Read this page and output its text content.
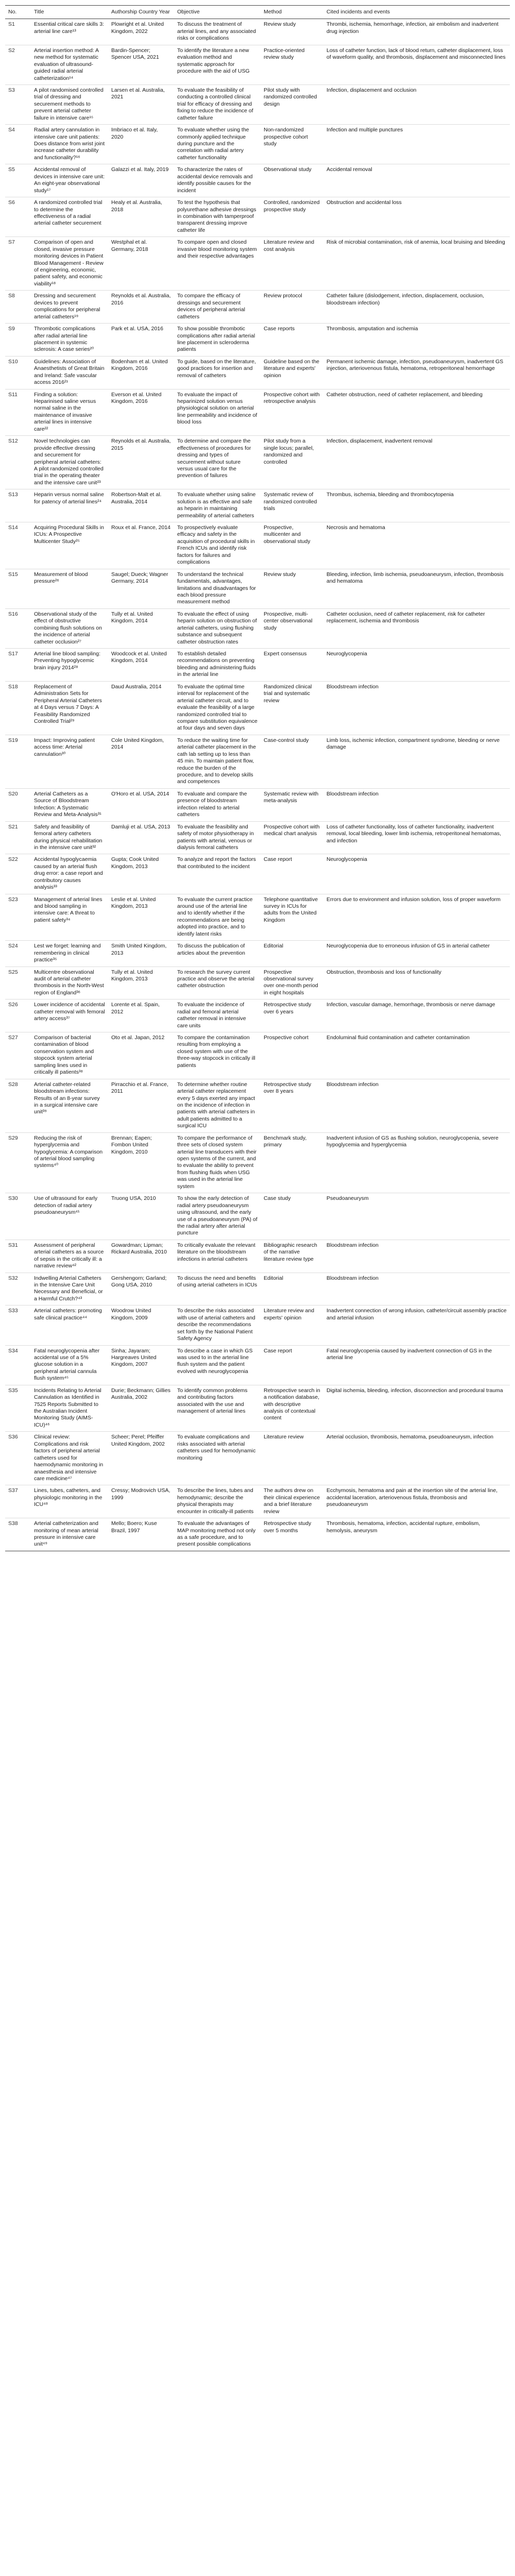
No.	Title	Authorship Country Year	Objective	Method	Cited incidents and events
S1	Essential critical care skills 3: arterial line care¹³	Plowright et al. United Kingdom, 2022	To discuss the treatment of arterial lines, and any associated risks or complications	Review study	Thrombi, ischemia, hemorrhage, infection, air embolism and inadvertent drug injection
S2	Arterial insertion method: A new method for systematic evaluation of ultrasound-guided radial arterial catheterization¹⁴	Bardin-Spencer; Spencer USA, 2021	To identify the literature a new evaluation method and systematic approach for procedure with the aid of USG	Practice-oriented review study	Loss of catheter function, lack of blood return, catheter displacement, loss of waveform quality, and thrombosis, displacement and misconnected lines
S3	A pilot randomised controlled trial of dressing and securement methods to prevent arterial catheter failure in intensive care¹⁵	Larsen et al. Australia, 2021	To evaluate the feasibility of conducting a controlled clinical trial for efficacy of dressing and fixing to reduce the incidence of catheter failure	Pilot study with randomized controlled design	Infection, displacement and occlusion
S4	Radial artery cannulation in intensive care unit patients: Does distance from wrist joint increase catheter durability and functionality?¹⁶	Imbriaco et al. Italy, 2020	To evaluate whether using the commonly applied technique during puncture and the correlation with radial artery catheter functionality	Non-randomized prospective cohort study	Infection and multiple punctures
S5	Accidental removal of devices in intensive care unit: An eight-year observational study¹⁷	Galazzi et al. Italy, 2019	To characterize the rates of accidental device removals and identify possible causes for the incident	Observational study	Accidental removal
S6	A randomized controlled trial to determine the effectiveness of a radial arterial catheter securement	Healy et al. Australia, 2018	To test the hypothesis that polyurethane adhesive dressings in combination with tamperproof transparent dressing improve catheter life	Controlled, randomized prospective study	Obstruction and accidental loss
S7	Comparison of open and closed, invasive pressure monitoring devices in Patient Blood Management - Review of engineering, economic, patient safety, and economic viability¹⁸	Westphal et al. Germany, 2018	To compare open and closed invasive blood monitoring system and their respective advantages	Literature review and cost analysis	Risk of microbial contamination, risk of anemia, local bruising and bleeding
S8	Dressing and securement devices to prevent complications for peripheral arterial catheters¹⁹	Reynolds et al. Australia, 2016	To compare the efficacy of dressings and securement devices of peripheral arterial catheters	Review protocol	Catheter failure (dislodgement, infection, displacement, occlusion, bloodstream infection)
S9	Thrombotic complications after radial arterial line placement in systemic sclerosis: A case series²⁰	Park et al. USA, 2016	To show possible thrombotic complications after radial arterial line placement in scleroderma patients	Case reports	Thrombosis, amputation and ischemia
S10	Guidelines: Association of Anaesthetists of Great Britain and Ireland: Safe vascular access 2016²¹	Bodenham et al. United Kingdom, 2016	To guide, based on the literature, good practices for insertion and removal of catheters	Guideline based on the literature and experts' opinion	Permanent ischemic damage, infection, pseudoaneurysm, inadvertent GS injection, arteriovenous fistula, hematoma, retroperitoneal hemorrhage
S11	Finding a solution: Heparinised saline versus normal saline in the maintenance of invasive arterial lines in intensive care²²	Everson et al. United Kingdom, 2016	To evaluate the impact of heparinized solution versus physiological solution on arterial line permeability and incidence of blood loss	Prospective cohort with retrospective analysis	Catheter obstruction, need of catheter replacement, and bleeding
S12	Novel technologies can provide effective dressing and securement for peripheral arterial catheters: A pilot randomized controlled trial in the operating theater and the intensive care unit²³	Reynolds et al. Australia, 2015	To determine and compare the effectiveness of procedures for dressing and types of securement without suture versus usual care for the prevention of failures	Pilot study from a single locus; parallel, randomized and controlled	Infection, displacement, inadvertent removal
S13	Heparin versus normal saline for patency of arterial lines²⁴	Robertson-Malt et al. Australia, 2014	To evaluate whether using saline solution is as effective and safe as heparin in maintaining permeability of arterial catheters	Systematic review of randomized controlled trials	Thrombus, ischemia, bleeding and thrombocytopenia
S14	Acquiring Procedural Skills in ICUs: A Prospective Multicenter Study²⁵	Roux et al. France, 2014	To prospectively evaluate efficacy and safety in the acquisition of procedural skills in French ICUs and identify risk factors for failures and complications	Prospective, multicenter and observational study	Necrosis and hematoma
S15	Measurement of blood pressure²⁶	Saugel; Dueck; Wagner Germany, 2014	To understand the technical fundamentals, advantages, limitations and disadvantages for each blood pressure measurement method	Review study	Bleeding, infection, limb ischemia, pseudoaneurysm, infection, thrombosis and hematoma
S16	Observational study of the effect of obstructive combining flush solutions on the incidence of arterial catheter occlusion²⁷	Tully et al. United Kingdom, 2014	To evaluate the effect of using heparin solution on obstruction of arterial catheters, using flushing substance and subsequent catheter obstruction rates	Prospective, multi-center observational study	Catheter occlusion, need of catheter replacement, risk for catheter replacement, ischemia and thrombosis
S17	Arterial line blood sampling: Preventing hypoglycemic brain injury 2014²⁸	Woodcock et al. United Kingdom, 2014	To establish detailed recommendations on preventing bleeding and administering fluids in the arterial line	Expert consensus	Neuroglycopenia
S18	Replacement of Administration Sets for Peripheral Arterial Catheters at 4 Days versus 7 Days: A Feasibility Randomized Controlled Trial²⁹	Daud Australia, 2014	To evaluate the optimal time interval for replacement of the arterial catheter circuit, and to evaluate the feasibility of a large randomized controlled trial to compare substitution equivalence at four days and seven days	Randomized clinical trial and systematic review	Bloodstream infection
S19	Impact: Improving patient access time: Arterial cannulation³⁰	Cole United Kingdom, 2014	To reduce the waiting time for arterial catheter placement in the cath lab setting up to less than 45 min. To maintain patient flow, reduce the burden of the procedure, and to develop skills and competences	Case-control study	Limb loss, ischemic infection, compartment syndrome, bleeding or nerve damage
S20	Arterial Catheters as a Source of Bloodstream Infection: A Systematic Review and Meta-Analysis³¹	O'Horo et al. USA, 2014	To evaluate and compare the presence of bloodstream infection related to arterial catheters	Systematic review with meta-analysis	Bloodstream infection
S21	Safety and feasibility of femoral artery catheters during physical rehabilitation in the intensive care unit³²	Damluji et al. USA, 2013	To evaluate the feasibility and safety of motor physiotherapy in patients with arterial, venous or dialysis femoral catheters	Prospective cohort with medical chart analysis	Loss of catheter functionality, loss of catheter functionality, inadvertent removal, local bleeding, lower limb ischemia, retroperitoneal hematomas, and infection
S22	Accidental hypoglycaemia caused by an arterial flush drug error: a case report and contributory causes analysis³³	Gupta; Cook United Kingdom, 2013	To analyze and report the factors that contributed to the incident	Case report	Neuroglycopenia
S23	Management of arterial lines and blood sampling in intensive care: A threat to patient safety³⁴	Leslie et al. United Kingdom, 2013	To evaluate the current practice around use of the arterial line and to identify whether if the recommendations are being adopted into practice, and to identify latent risks	Telephone quantitative survey in ICUs for adults from the United Kingdom	Errors due to environment and infusion solution, loss of proper waveform
S24	Lest we forget: learning and remembering in clinical practice³⁵	Smith United Kingdom, 2013	To discuss the publication of articles about the prevention	Editorial	Neuroglycopenia due to erroneous infusion of GS in arterial catheter
S25	Multicentre observational audit of arterial catheter thrombosis in the North-West region of England³⁶	Tully et al. United Kingdom, 2013	To research the survey current practice and observe the arterial catheter obstruction	Prospective observational survey over one-month period in eight hospitals	Obstruction, thrombosis and loss of functionality
S26	Lower incidence of accidental catheter removal with femoral artery access³⁷	Lorente et al. Spain, 2012	To evaluate the incidence of radial and femoral arterial catheter removal in intensive care units	Retrospective study over 6 years	Infection, vascular damage, hemorrhage, thrombosis or nerve damage
S27	Comparison of bacterial contamination of blood conservation system and stopcock system arterial sampling lines used in critically ill patients³⁸	Oto et al. Japan, 2012	To compare the contamination resulting from employing a closed system with use of the three-way stopcock in critically ill patients	Prospective cohort	Endoluminal fluid contamination and catheter contamination
S28	Arterial catheter-related bloodstream infections: Results of an 8-year survey in a surgical intensive care unit³⁹	Pirracchio et al. France, 2011	To determine whether routine arterial catheter replacement every 5 days exerted any impact on the incidence of infection in patients with arterial catheters in adult patients admitted to a surgical ICU	Retrospective study over 8 years	Bloodstream infection
S29	Reducing the risk of hyperglycemia and hypoglycemia: A comparison of arterial blood sampling systems⁴⁰	Brennan; Eapen; Fombon United Kingdom, 2010	To compare the performance of three sets of closed system arterial line transducers with their open systems of the current, and to evaluate the ability to prevent from flushing fluids when USG was used in the arterial line system	Benchmark study, primary	Inadvertent infusion of GS as flushing solution, neuroglycopenia, severe hypoglycemia and hyperglycemia
S30	Use of ultrasound for early detection of radial artery pseudoaneurysm⁴¹	Truong USA, 2010	To show the early detection of radial artery pseudoaneurysm using ultrasound, and the early use of a pseudoaneurysm (PA) of the radial artery after arterial puncture	Case study	Pseudoaneurysm
S31	Assessment of peripheral arterial catheters as a source of sepsis in the critically ill: a narrative review⁴²	Gowardman; Lipman; Rickard Australia, 2010	To critically evaluate the relevant literature on the bloodstream infections in arterial catheters	Bibliographic research of the narrative literature review type	Bloodstream infection
S32	Indwelling Arterial Catheters in the Intensive Care Unit Necessary and Beneficial, or a Harmful Crutch?⁴³	Gershengorn; Garland; Gong USA, 2010	To discuss the need and benefits of using arterial catheters in ICUs	Editorial	Bloodstream infection
S33	Arterial catheters: promoting safe clinical practice⁴⁴	Woodrow United Kingdom, 2009	To describe the risks associated with use of arterial catheters and describe the recommendations set forth by the National Patient Safety Agency	Literature review and experts' opinion	Inadvertent connection of wrong infusion, catheter/circuit assembly practice and arterial infusion
S34	Fatal neuroglycopenia after accidental use of a 5% glucose solution in a peripheral arterial cannula flush system⁴⁵	Sinha; Jayaram; Hargreaves United Kingdom, 2007	To describe a case in which GS was used to in the arterial line flush system and the patient evolved with neuroglycopenia	Case report	Fatal neuroglycopenia caused by inadvertent connection of GS in the arterial line
S35	Incidents Relating to Arterial Cannulation as Identified in 7525 Reports Submitted to the Australian Incident Monitoring Study (AIMS-ICU)⁴⁶	Durie; Beckmann; Gillies Australia, 2002	To identify common problems and contributing factors associated with the use and management of arterial lines	Retrospective search in a notification database, with descriptive analysis of contextual content	Digital ischemia, bleeding, infection, disconnection and procedural trauma
S36	Clinical review: Complications and risk factors of peripheral arterial catheters used for haemodynamic monitoring in anaesthesia and intensive care medicine⁴⁷	Scheer; Perel; Pfeiffer United Kingdom, 2002	To evaluate complications and risks associated with arterial catheters used for hemodynamic monitoring	Literature review	Arterial occlusion, thrombosis, hematoma, pseudoaneurysm, infection
S37	Lines, tubes, catheters, and physiologic monitoring in the ICU⁴⁸	Cressy; Modrovich USA, 1999	To describe the lines, tubes and hemodynamic; describe the physical therapists may encounter in critically-ill patients	The authors drew on their clinical experience and a brief literature review	Ecchymosis, hematoma and pain at the insertion site of the arterial line, accidental laceration, arteriovenous fistula, thrombosis and pseudoaneurysm
S38	Arterial catheterization and monitoring of mean arterial pressure in intensive care unit⁴⁹	Mello; Boero; Kuse Brazil, 1997	To evaluate the advantages of MAP monitoring method not only as a safe procedure, and to present possible complications	Retrospective study over 5 months	Thrombosis, hematoma, infection, accidental rupture, embolism, hemolysis, aneurysm
